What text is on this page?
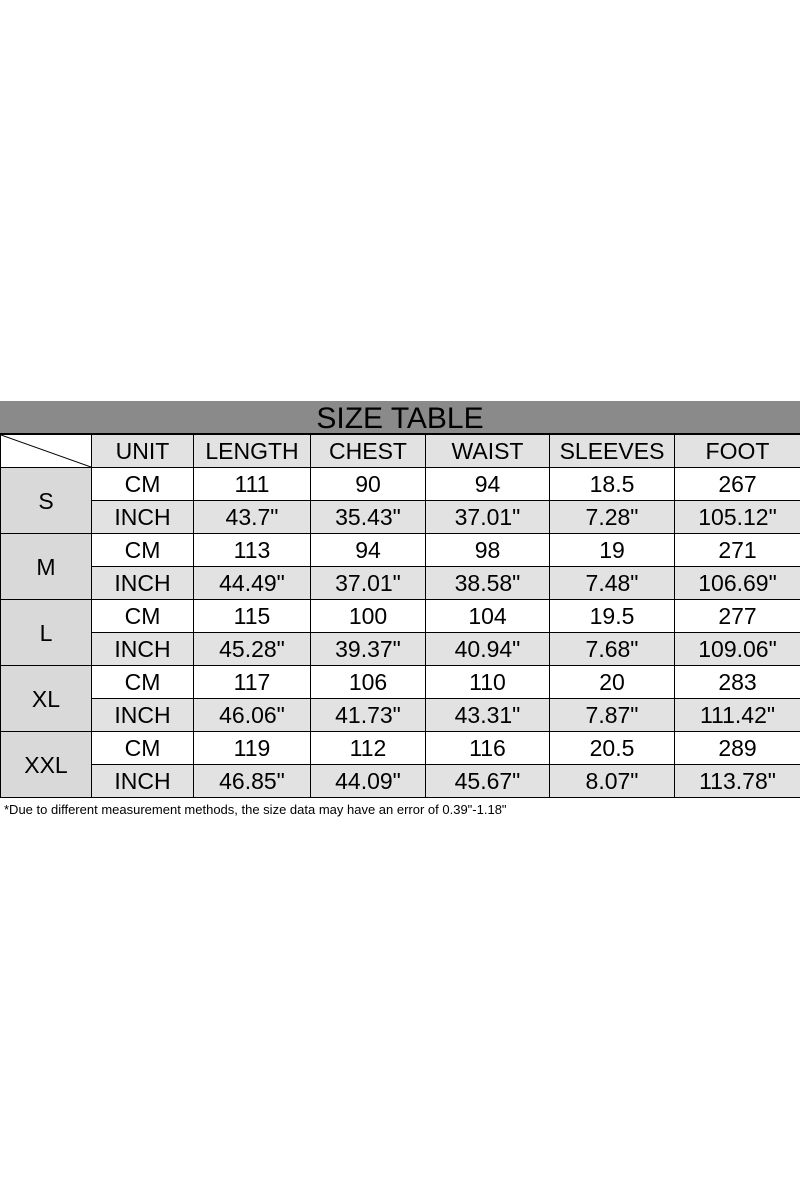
SIZE TABLE
	UNIT	LENGTH	CHEST	WAIST	SLEEVES	FOOT
S	CM	111	90	94	18.5	267
	INCH	43.7"	35.43"	37.01"	7.28"	105.12"
M	CM	113	94	98	19	271
	INCH	44.49"	37.01"	38.58"	7.48"	106.69"
L	CM	115	100	104	19.5	277
	INCH	45.28"	39.37"	40.94"	7.68"	109.06"
XL	CM	117	106	110	20	283
	INCH	46.06"	41.73"	43.31"	7.87"	111.42"
XXL	CM	119	112	116	20.5	289
	INCH	46.85"	44.09"	45.67"	8.07"	113.78"
*Due to different measurement methods, the size data may have an error of 0.39"-1.18"
